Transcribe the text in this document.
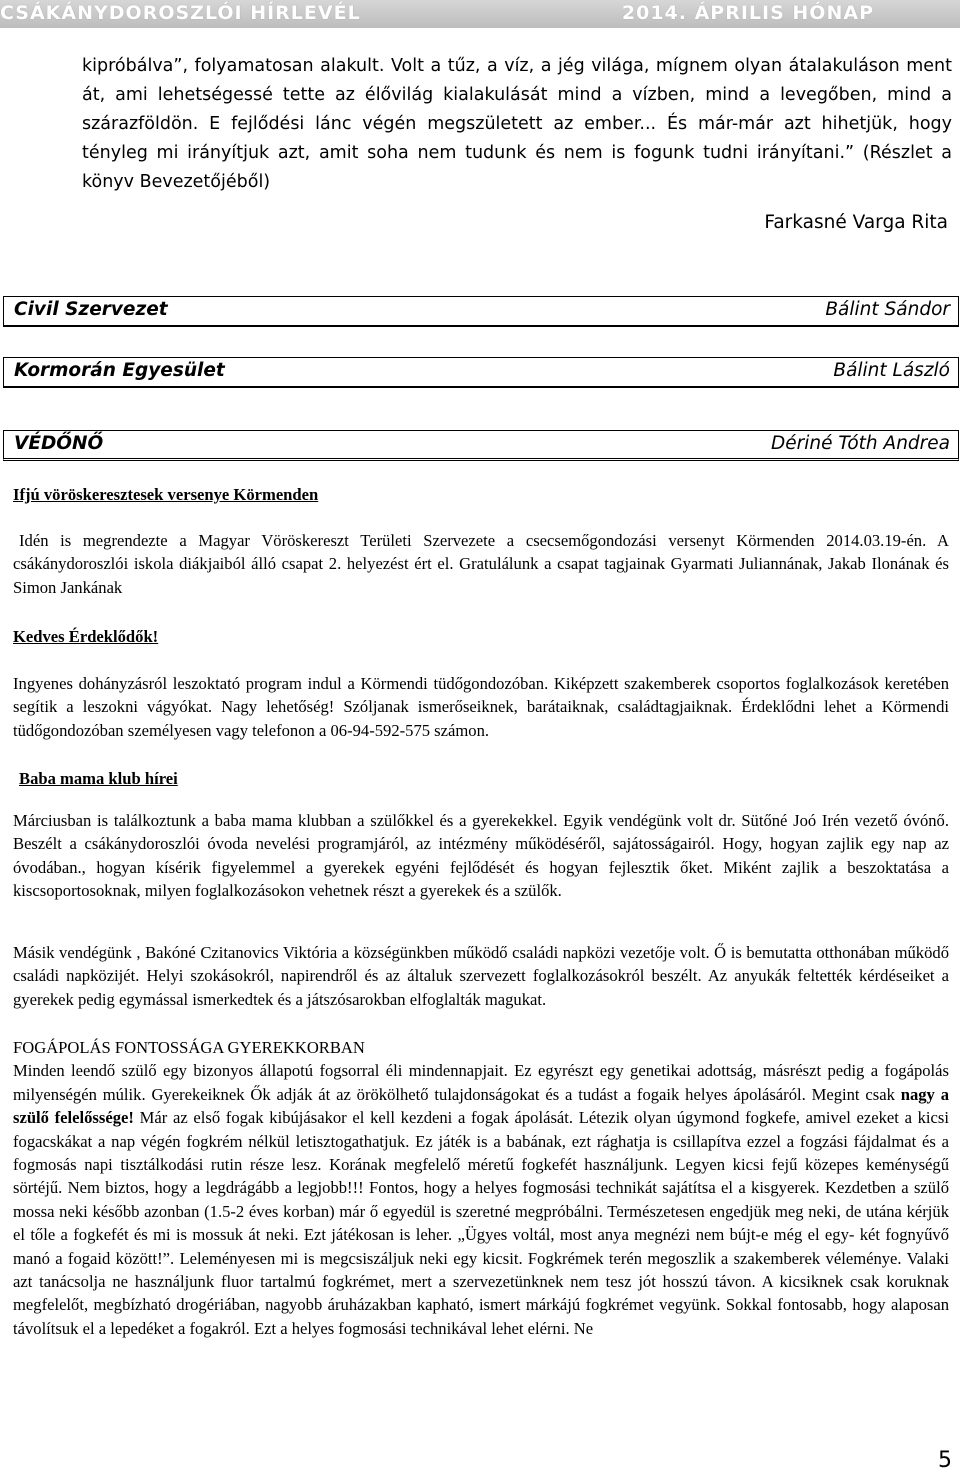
CSÁKÁNYDOROSZLÓI HÍRLEVÉL	2014. ÁPRILIS HÓNAP

kipróbálva”, folyamatosan alakult. Volt a tűz, a víz, a jég világa, mígnem olyan átalakuláson ment át, ami lehetségessé tette az élővilág kialakulását mind a vízben, mind a levegőben, mind a szárazföldön. E fejlődési lánc végén megszületett az ember... És már-már azt hihetjük, hogy tényleg mi irányítjuk azt, amit soha nem tudunk és nem is fogunk tudni irányítani.” (Részlet a könyv Bevezetőjéből)

Farkasné Varga Rita
Civil Szervezet	Bálint Sándor
Kormorán Egyesület	Bálint László
VÉDŐNŐ	Dériné Tóth Andrea

Ifjú vöröskeresztesek versenye Körmenden

Idén is megrendezte a Magyar Vöröskereszt Területi Szervezete a csecsemőgondozási versenyt Körmenden 2014.03.19-én. A csákánydoroszlói iskola diákjaiból álló csapat 2. helyezést ért el. Gratulálunk a csapat tagjainak Gyarmati Juliannának, Jakab Ilonának és Simon Jankának

Kedves Érdeklődők!

Ingyenes dohányzásról leszoktató program indul a Körmendi tüdőgondozóban. Kiképzett szakemberek csoportos foglalkozások keretében segítik a leszokni vágyókat. Nagy lehetőség! Szóljanak ismerőseiknek, barátaiknak, családtagjaiknak. Érdeklődni lehet a Körmendi tüdőgondozóban személyesen vagy telefonon a 06-94-592-575 számon.

Baba mama klub hírei

Márciusban is találkoztunk a baba mama klubban a szülőkkel és a gyerekekkel. Egyik vendégünk volt dr. Sütőné Joó Irén vezető óvónő. Beszélt a csákánydoroszlói óvoda nevelési programjáról, az intézmény működéséről, sajátosságairól. Hogy, hogyan zajlik egy nap az óvodában., hogyan kísérik figyelemmel a gyerekek egyéni fejlődését és hogyan fejlesztik őket. Miként zajlik a beszoktatása a kiscsoportosoknak, milyen foglalkozásokon vehetnek részt a gyerekek és a szülők.

Másik vendégünk , Bakóné Czitanovics Viktória a községünkben működő családi napközi vezetője volt. Ő is bemutatta otthonában működő családi napközijét. Helyi szokásokról, napirendről és az általuk szervezett foglalkozásokról beszélt. Az anyukák feltették kérdéseiket a gyerekek pedig egymással ismerkedtek és a játszósarokban elfoglalták magukat.

FOGÁPOLÁS FONTOSSÁGA GYEREKKORBAN

Minden leendő szülő egy bizonyos állapotú fogsorral éli mindennapjait. Ez egyrészt egy genetikai adottság, másrészt pedig a fogápolás milyenségén múlik. Gyerekeiknek Ők adják át az örökölhető tulajdonságokat és a tudást a fogaik helyes ápolásáról. Megint csak nagy a szülő felelőssége! Már az első fogak kibújásakor el kell kezdeni a fogak ápolását. Létezik olyan úgymond fogkefe, amivel ezeket a kicsi fogacskákat a nap végén fogkrém nélkül letisztogathatjuk. Ez játék is a babának, ezt rághatja is csillapítva ezzel a fogzási fájdalmat és a fogmosás napi tisztálkodási rutin része lesz. Korának megfelelő méretű fogkefét használjunk. Legyen kicsi fejű közepes keménységű sörtéjű. Nem biztos, hogy a legdrágább a legjobb!!! Fontos, hogy a helyes fogmosási technikát sajátítsa el a kisgyerek. Kezdetben a szülő mossa neki később azonban (1.5-2 éves korban) már ő egyedül is szeretné megpróbálni. Természetesen engedjük meg neki, de utána kérjük el tőle a fogkefét és mi is mossuk át neki. Ezt játékosan is leher. „Ügyes voltál, most anya megnézi nem bújt-e még el egy- két fognyűvő manó a fogaid között!”. Leleményesen mi is megcsiszáljuk neki egy kicsit. Fogkrémek terén megoszlik a szakemberek véleménye. Valaki azt tanácsolja ne használjunk fluor tartalmú fogkrémet, mert a szervezetünknek nem tesz jót hosszú távon. A kicsiknek csak koruknak megfelelőt, megbízható drogériában, nagyobb áruházakban kapható, ismert márkájú fogkrémet vegyünk. Sokkal fontosabb, hogy alaposan távolítsuk el a lepedéket a fogakról. Ezt a helyes fogmosási technikával lehet elérni. Ne

5
